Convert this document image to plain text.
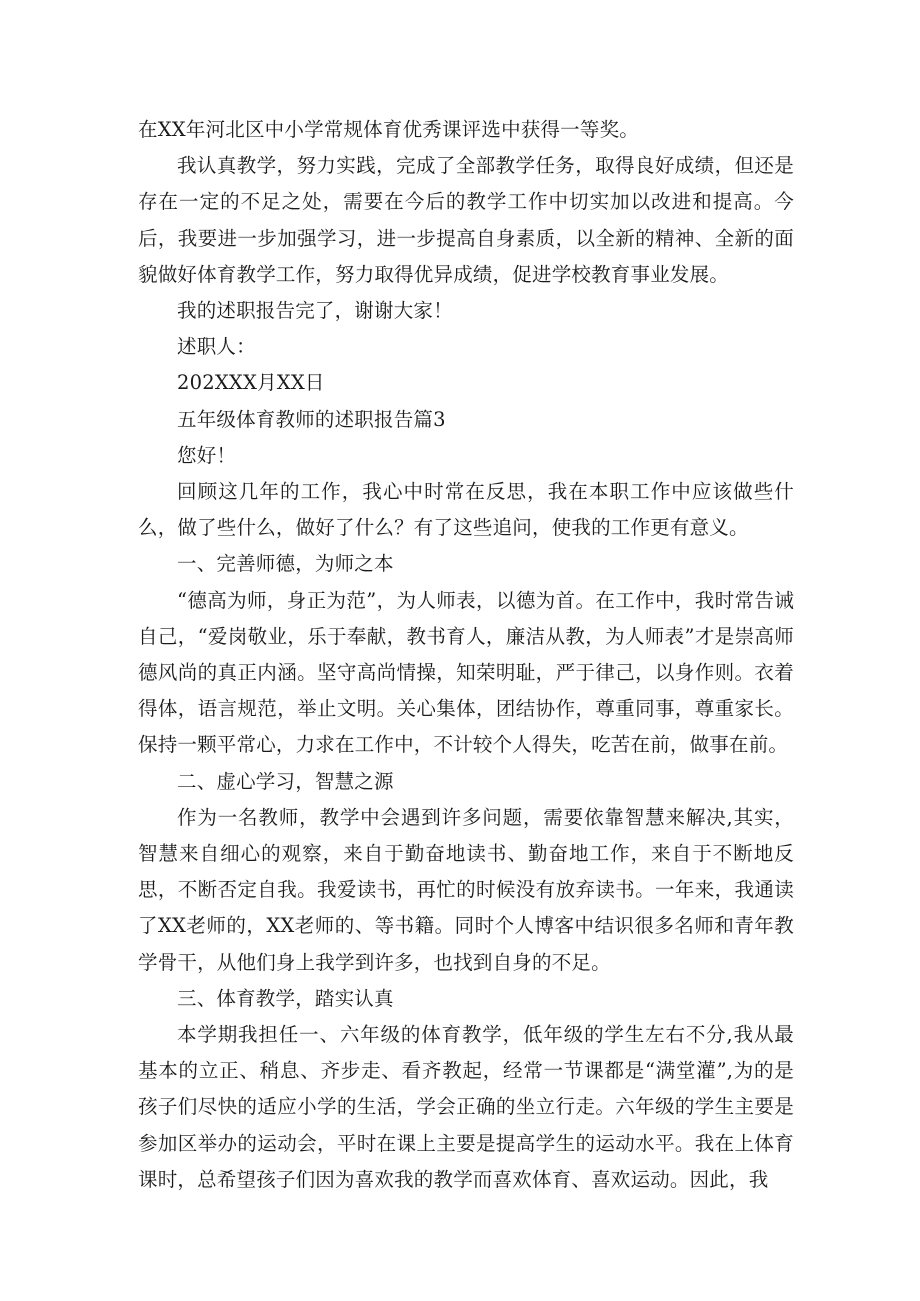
在XX年河北区中小学常规体育优秀课评选中获得一等奖。

我认真教学，努力实践，完成了全部教学任务，取得良好成绩，但还是存在一定的不足之处，需要在今后的教学工作中切实加以改进和提高。今后，我要进一步加强学习，进一步提高自身素质，以全新的精神、全新的面貌做好体育教学工作，努力取得优异成绩，促进学校教育事业发展。

我的述职报告完了，谢谢大家！

述职人：

202XXX月XX日

五年级体育教师的述职报告篇3

您好！

回顾这几年的工作，我心中时常在反思，我在本职工作中应该做些什么，做了些什么，做好了什么？有了这些追问，使我的工作更有意义。

一、完善师德，为师之本

“德高为师，身正为范”，为人师表，以德为首。在工作中，我时常告诫自己，“爱岗敬业，乐于奉献，教书育人，廉洁从教，为人师表”才是崇高师德风尚的真正内涵。坚守高尚情操，知荣明耻，严于律己，以身作则。衣着得体，语言规范，举止文明。关心集体，团结协作，尊重同事，尊重家长。保持一颗平常心，力求在工作中，不计较个人得失，吃苦在前，做事在前。

二、虚心学习，智慧之源

作为一名教师，教学中会遇到许多问题，需要依靠智慧来解决,其实，智慧来自细心的观察，来自于勤奋地读书、勤奋地工作，来自于不断地反思，不断否定自我。我爱读书，再忙的时候没有放弃读书。一年来，我通读了XX老师的，XX老师的、等书籍。同时个人博客中结识很多名师和青年教学骨干，从他们身上我学到许多，也找到自身的不足。

三、体育教学，踏实认真

本学期我担任一、六年级的体育教学，低年级的学生左右不分,我从最基本的立正、稍息、齐步走、看齐教起，经常一节课都是“满堂灌”,为的是孩子们尽快的适应小学的生活，学会正确的坐立行走。六年级的学生主要是参加区举办的运动会，平时在课上主要是提高学生的运动水平。我在上体育课时，总希望孩子们因为喜欢我的教学而喜欢体育、喜欢运动。因此，我
